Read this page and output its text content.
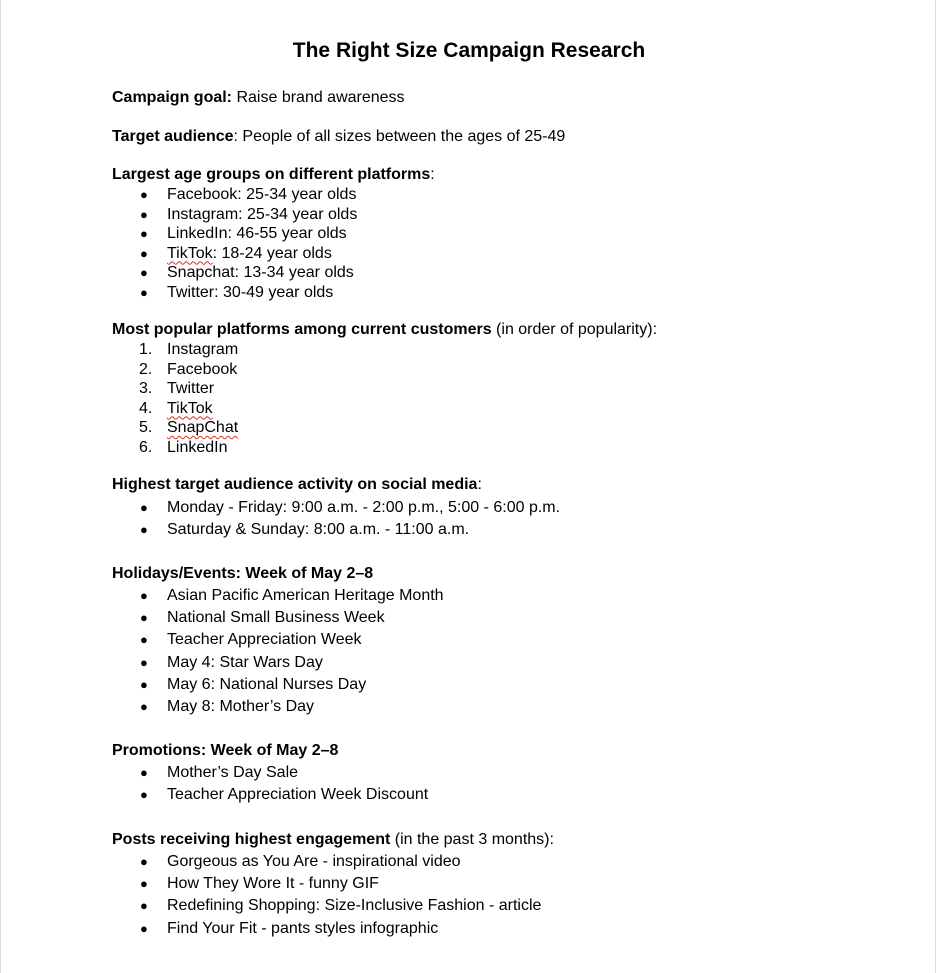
The Right Size Campaign Research
Campaign goal: Raise brand awareness
Target audience: People of all sizes between the ages of 25-49
Largest age groups on different platforms:
● Facebook: 25-34 year olds
● Instagram: 25-34 year olds
● LinkedIn: 46-55 year olds
● TikTok: 18-24 year olds
● Snapchat: 13-34 year olds
● Twitter: 30-49 year olds
Most popular platforms among current customers (in order of popularity):
1. Instagram
2. Facebook
3. Twitter
4. TikTok
5. SnapChat
6. LinkedIn
Highest target audience activity on social media:
● Monday - Friday: 9:00 a.m. - 2:00 p.m., 5:00 - 6:00 p.m.
● Saturday & Sunday: 8:00 a.m. - 11:00 a.m.
Holidays/Events: Week of May 2–8
● Asian Pacific American Heritage Month
● National Small Business Week
● Teacher Appreciation Week
● May 4: Star Wars Day
● May 6: National Nurses Day
● May 8: Mother’s Day
Promotions: Week of May 2–8
● Mother’s Day Sale
● Teacher Appreciation Week Discount
Posts receiving highest engagement (in the past 3 months):
● Gorgeous as You Are - inspirational video
● How They Wore It - funny GIF
● Redefining Shopping: Size-Inclusive Fashion - article
● Find Your Fit - pants styles infographic
